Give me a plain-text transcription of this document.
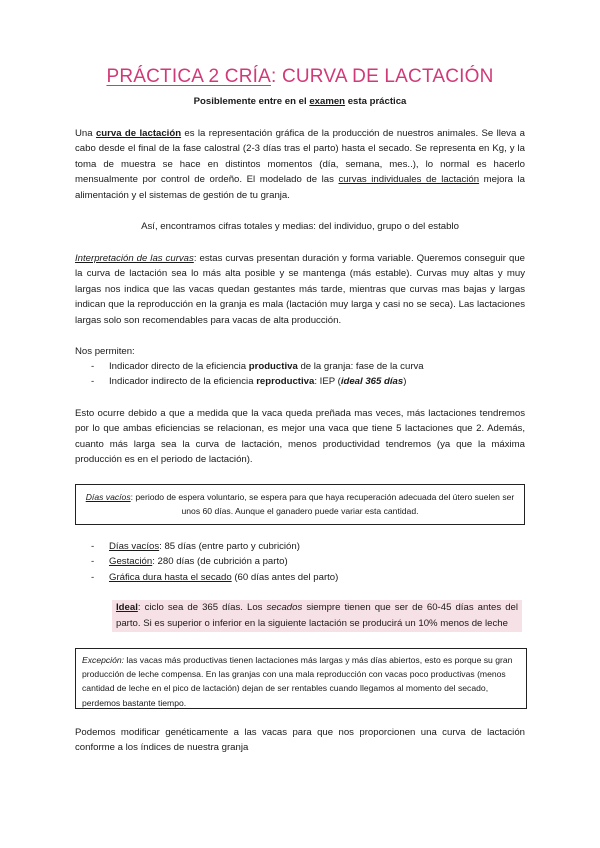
PRÁCTICA 2 CRÍA: CURVA DE LACTACIÓN
Posiblemente entre en el examen esta práctica

Una curva de lactación es la representación gráfica de la producción de nuestros animales. Se lleva a cabo desde el final de la fase calostral (2-3 días tras el parto) hasta el secado. Se representa en Kg, y la toma de muestra se hace en distintos momentos (día, semana, mes..), lo normal es hacerlo mensualmente por control de ordeño. El modelado de las curvas individuales de lactación mejora la alimentación y el sistemas de gestión de tu granja.

Así, encontramos cifras totales y medias: del individuo, grupo o del establo

Interpretación de las curvas: estas curvas presentan duración y forma variable. Queremos conseguir que la curva de lactación sea lo más alta posible y se mantenga (más estable). Curvas muy altas y muy largas nos indica que las vacas quedan gestantes más tarde, mientras que curvas mas bajas y largas indican que la reproducción en la granja es mala (lactación muy larga y casi no se seca). Las lactaciones largas solo son recomendables para vacas de alta producción.

Nos permiten:

- Indicador directo de la eficiencia productiva de la granja: fase de la curva
- Indicador indirecto de la eficiencia reproductiva: IEP (ideal 365 días)

Esto ocurre debido a que a medida que la vaca queda preñada mas veces, más lactaciones tendremos por lo que ambas eficiencias se relacionan, es mejor una vaca que tiene 5 lactaciones que 2. Además, cuanto más larga sea la curva de lactación, menos productividad tendremos (ya que la máxima producción es en el periodo de lactación).

Días vacíos: periodo de espera voluntario, se espera para que haya recuperación adecuada del útero suelen ser unos 60 días. Aunque el ganadero puede variar esta cantidad.
- Días vacíos: 85 días (entre parto y cubrición)
- Gestación: 280 días (de cubrición a parto)
- Gráfica dura hasta el secado (60 días antes del parto)
Ideal: ciclo sea de 365 días. Los secados siempre tienen que ser de 60-45 días antes del parto. Si es superior o inferior en la siguiente lactación se producirá un 10% menos de leche
Excepción: las vacas más productivas tienen lactaciones más largas y más días abiertos, esto es porque su gran producción de leche compensa. En las granjas con una mala reproducción con vacas poco productivas (menos cantidad de leche en el pico de lactación) dejan de ser rentables cuando llegamos al momento del secado, perdemos bastante tiempo.

Podemos modificar genéticamente a las vacas para que nos proporcionen una curva de lactación conforme a los índices de nuestra granja
